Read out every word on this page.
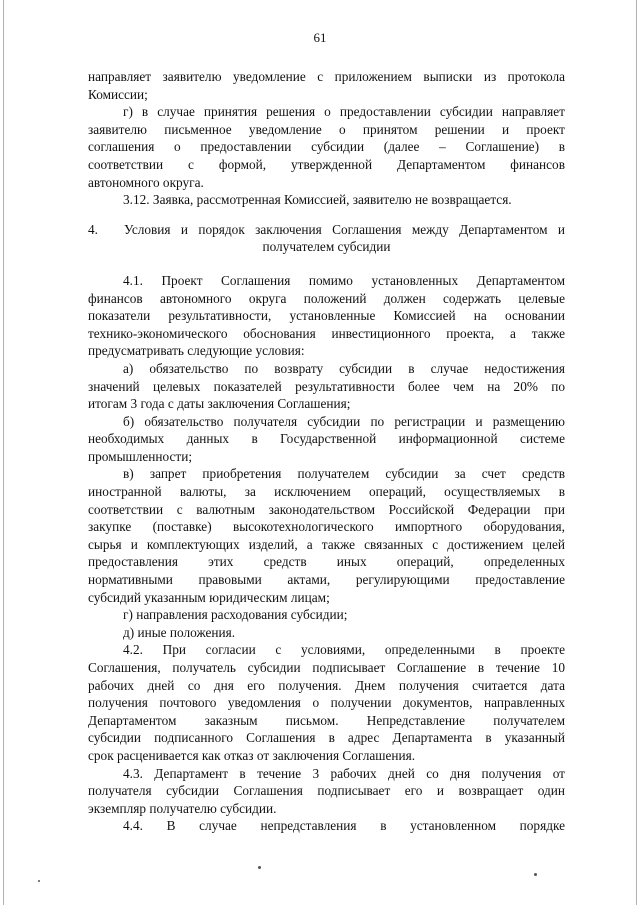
61
направляет заявителю уведомление с приложением выписки из протокола
Комиссии;
г) в случае принятия решения о предоставлении субсидии направляет
заявителю письменное уведомление о принятом решении и проект
соглашения о предоставлении субсидии (далее – Соглашение) в
соответствии с формой, утвержденной Департаментом финансов
автономного округа.
3.12. Заявка, рассмотренная Комиссией, заявителю не возвращается.
4. Условия и порядок заключения Соглашения между Департаментом и
получателем субсидии
4.1. Проект Соглашения помимо установленных Департаментом
финансов автономного округа положений должен содержать целевые
показатели результативности, установленные Комиссией на основании
технико-экономического обоснования инвестиционного проекта, а также
предусматривать следующие условия:
а) обязательство по возврату субсидии в случае недостижения
значений целевых показателей результативности более чем на 20% по
итогам 3 года с даты заключения Соглашения;
б) обязательство получателя субсидии по регистрации и размещению
необходимых данных в Государственной информационной системе
промышленности;
в) запрет приобретения получателем субсидии за счет средств
иностранной валюты, за исключением операций, осуществляемых в
соответствии с валютным законодательством Российской Федерации при
закупке (поставке) высокотехнологического импортного оборудования,
сырья и комплектующих изделий, а также связанных с достижением целей
предоставления этих средств иных операций, определенных
нормативными правовыми актами, регулирующими предоставление
субсидий указанным юридическим лицам;
г) направления расходования субсидии;
д) иные положения.
4.2. При согласии с условиями, определенными в проекте
Соглашения, получатель субсидии подписывает Соглашение в течение 10
рабочих дней со дня его получения. Днем получения считается дата
получения почтового уведомления о получении документов, направленных
Департаментом заказным письмом. Непредставление получателем
субсидии подписанного Соглашения в адрес Департамента в указанный
срок расценивается как отказ от заключения Соглашения.
4.3. Департамент в течение 3 рабочих дней со дня получения от
получателя субсидии Соглашения подписывает его и возвращает один
экземпляр получателю субсидии.
4.4. В случае непредставления в установленном порядке
